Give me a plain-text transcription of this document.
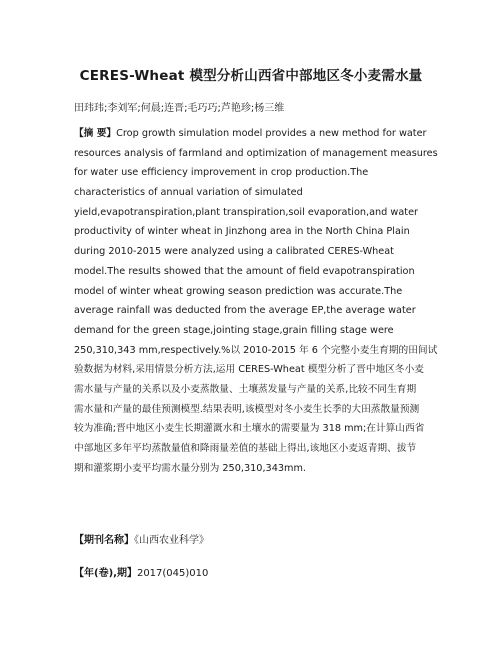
CERES-Wheat 模型分析山西省中部地区冬小麦需水量
田玮玮;李刘军;何晨;连晋;毛巧巧;芦艳珍;杨三维
【摘 要】Crop growth simulation model provides a new method for water
resources analysis of farmland and optimization of management measures
for water use efficiency improvement in crop production.The
characteristics of annual variation of simulated
yield,evapotranspiration,plant transpiration,soil evaporation,and water
productivity of winter wheat in Jinzhong area in the North China Plain
during 2010-2015 were analyzed using a calibrated CERES-Wheat
model.The results showed that the amount of field evapotranspiration
model of winter wheat growing season prediction was accurate.The
average rainfall was deducted from the average EP,the average water
demand for the green stage,jointing stage,grain filling stage were
250,310,343 mm,respectively.%以 2010-2015 年 6 个完整小麦生育期的田间试
验数据为材料,采用情景分析方法,运用 CERES-Wheat 模型分析了晋中地区冬小麦
需水量与产量的关系以及小麦蒸散量、土壤蒸发量与产量的关系,比较不同生育期
需水量和产量的最佳预测模型.结果表明,该模型对冬小麦生长季的大田蒸散量预测
较为准确;晋中地区小麦生长期灌溉水和土壤水的需要量为 318 mm;在计算山西省
中部地区多年平均蒸散量值和降雨量差值的基础上得出,该地区小麦返青期、拔节
期和灌浆期小麦平均需水量分别为 250,310,343mm.
【期刊名称】《山西农业科学》
【年(卷),期】2017(045)010
